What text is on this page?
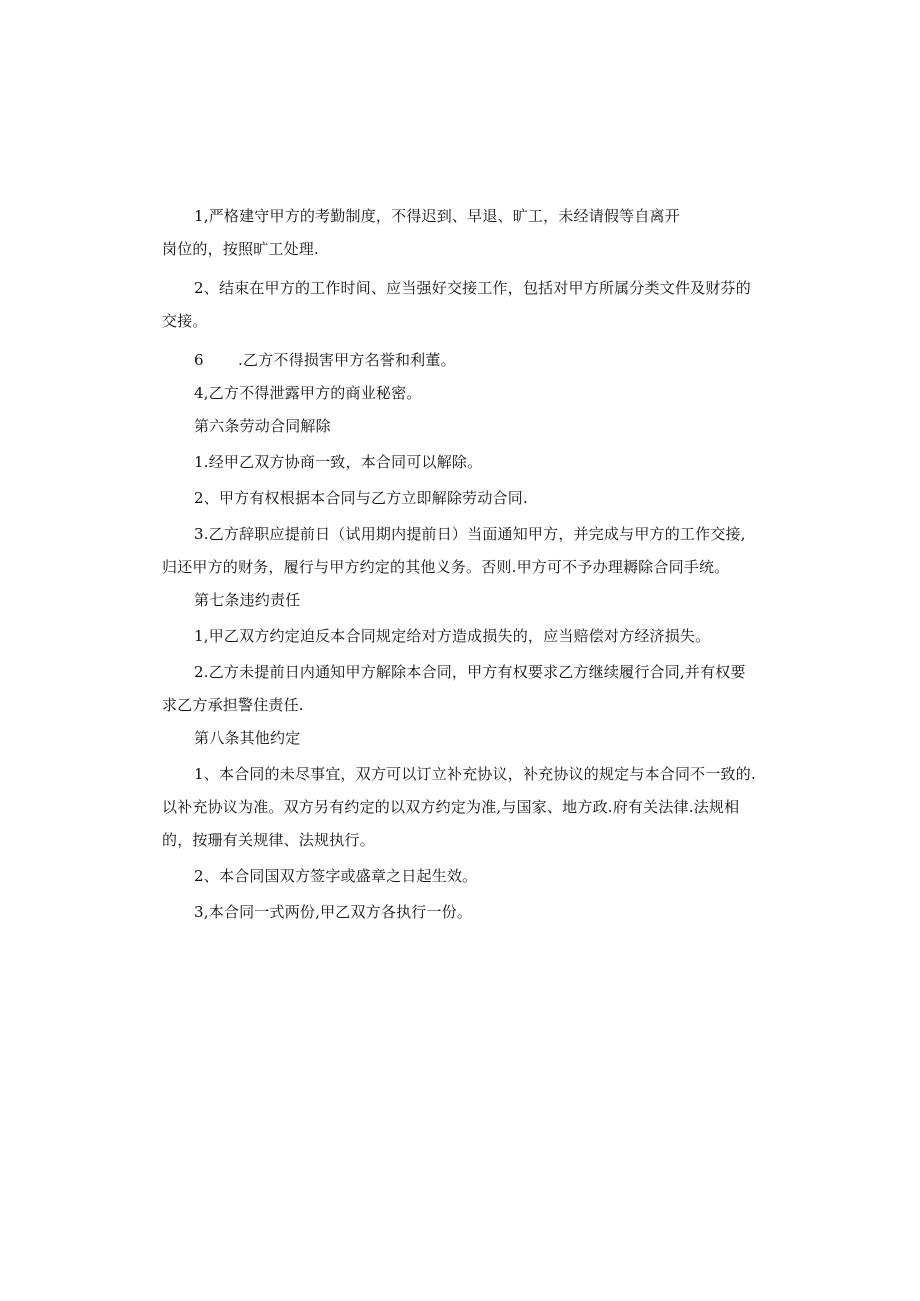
1,严格建守甲方的考勤制度，不得迟到、早退、旷工，未经请假等自离开
岗位的，按照旷工处理.
2、结束在甲方的工作时间、应当强好交接工作，包括对甲方所属分类文件及财芬的
交接。
6 .乙方不得损害甲方名誉和利董。
4,乙方不得泄露甲方的商业秘密。
第六条劳动合同解除
1.经甲乙双方协商一致，本合同可以解除。
2、甲方有权根据本合同与乙方立即解除劳动合同.
3.乙方辞职应提前日（试用期内提前日）当面通知甲方，并完成与甲方的工作交接,
归还甲方的财务，履行与甲方约定的其他义务。否则.甲方可不予办理耨除合同手统。
第七条违约责任
1,甲乙双方约定迫反本合同规定给对方造成损失的，应当赔偿对方经济损失。
2.乙方未提前日内通知甲方解除本合同，甲方有权要求乙方继续履行合同,并有权要
求乙方承担警住责任.
第八条其他约定
1、本合同的未尽事宜，双方可以订立补充协议，补充协议的规定与本合同不一致的.
以补充协议为准。双方另有约定的以双方约定为准,与国家、地方政.府有关法律.法规相
的，按珊有关规律、法规执行。
2、本合同国双方签字或盛章之日起生效。
3,本合同一式两份,甲乙双方各执行一份。
